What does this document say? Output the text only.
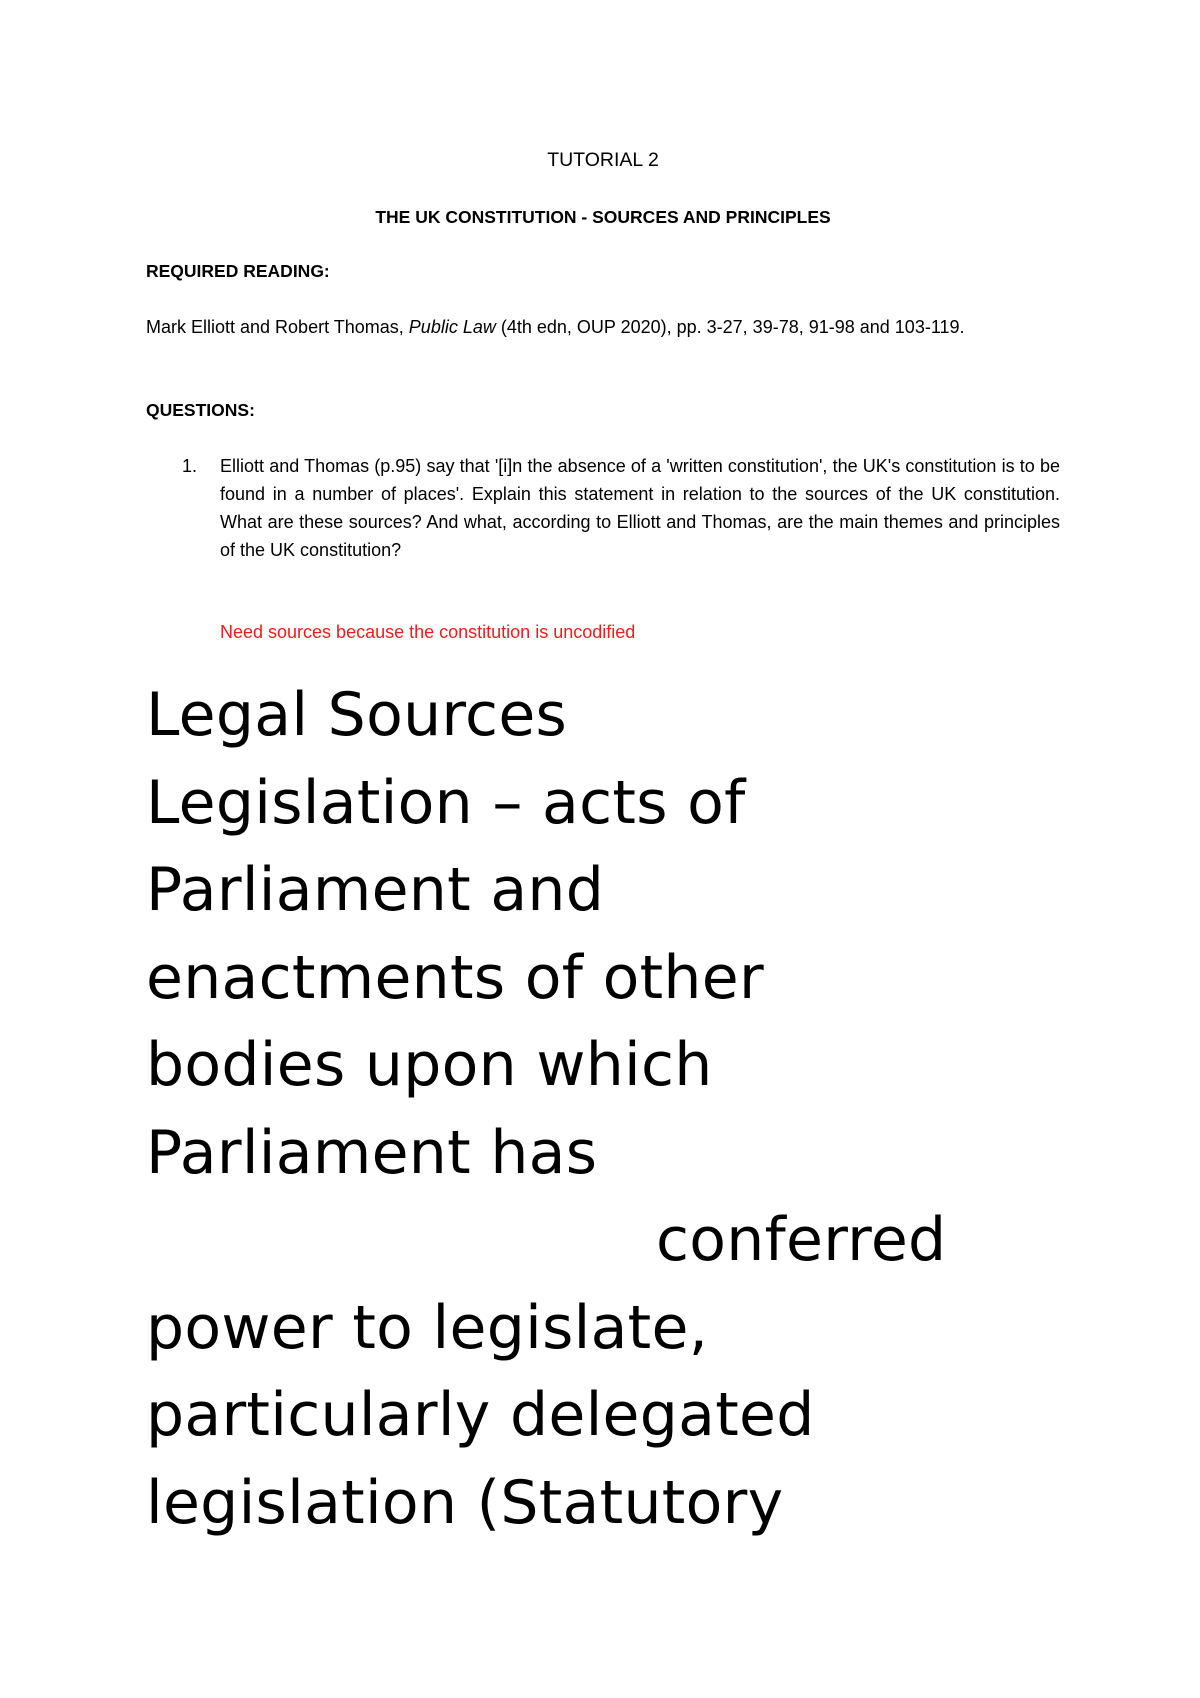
TUTORIAL 2
THE UK CONSTITUTION - SOURCES AND PRINCIPLES
REQUIRED READING:
Mark Elliott and Robert Thomas, Public Law (4th edn, OUP 2020), pp. 3-27, 39-78, 91-98 and 103-119.
QUESTIONS:
1. Elliott and Thomas (p.95) say that '[i]n the absence of a 'written constitution', the UK's constitution is to be found in a number of places'. Explain this statement in relation to the sources of the UK constitution. What are these sources? And what, according to Elliott and Thomas, are the main themes and principles of the UK constitution?
Need sources because the constitution is uncodified
Legal Sources
Legislation – acts of
Parliament and
enactments of other
bodies upon which
Parliament has
conferred
power to legislate,
particularly delegated
legislation (Statutory
